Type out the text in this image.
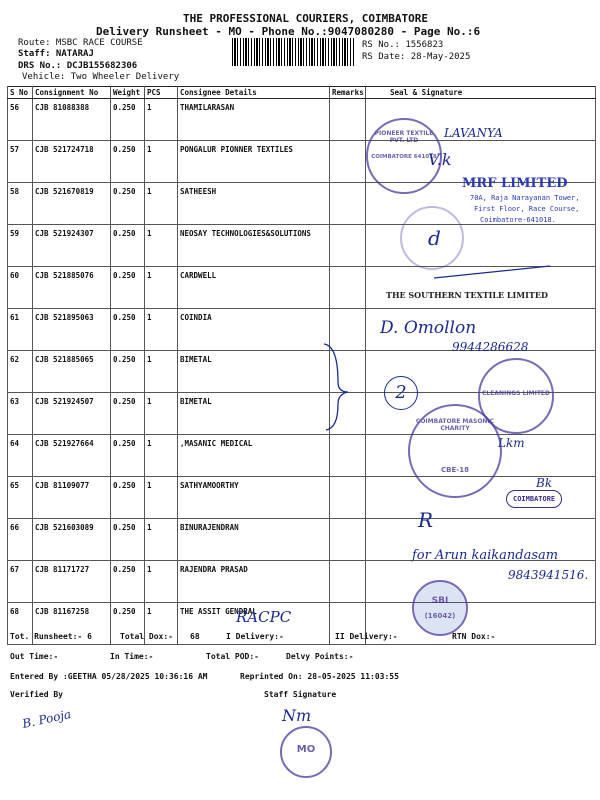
THE PROFESSIONAL COURIERS, COIMBATORE
Delivery Runsheet - MO - Phone No.:9047080280 - Page No.:6
Route: MSBC RACE COURSE
Staff: NATARAJ
DRS No.: DCJB155682306
Vehicle: Two Wheeler Delivery
RS No.: 1556823
RS Date: 28-May-2025
S No	Consignment No	Weight	PCS	Consignee Details	Remarks	Seal & Signature
56	CJB 81088388	0.250	1	THAMILARASAN		
57	CJB 521724718	0.250	1	PONGALUR PIONNER TEXTILES		
58	CJB 521670819	0.250	1	SATHEESH		
59	CJB 521924307	0.250	1	NEOSAY TECHNOLOGIES&SOLUTIONS		
60	CJB 521885076	0.250	1	CARDWELL		
61	CJB 521895063	0.250	1	COINDIA		
62	CJB 521885065	0.250	1	BIMETAL		
63	CJB 521924507	0.250	1	BIMETAL		
64	CJB 521927664	0.250	1	,MASANIC MEDICAL		
65	CJB 81109077	0.250	1	SATHYAMOORTHY		
66	CJB 521603089	0.250	1	BINURAJENDRAN		
67	CJB 81171727	0.250	1	RAJENDRA PRASAD		
68	CJB 81167258	0.250	1	THE ASSIT GENDRAL		
PIONEER TEXTILE PVT. LTD
COIMBATORE 641018
CLEANINGS LIMITED
COIMBATORE MASONIC CHARITY
CBE-18
SBI
(16042)
MO
LAVANYA
V.k
MRF LIMITED
70A, Raja Narayanan Tower,
First Floor, Race Course,
Coimbatore-641018.
d
THE SOUTHERN TEXTILE LIMITED
D. Omollon
9944286628
2
Lkm
COIMBATORE
Bk
R
for Arun kaikandasam
9843941516.
RACPC
Tot. Runsheet:- 6	Total Dox:- 68	I Delivery:-	II Delivery:-	RTN Dox:-
Out Time:-	In Time:-	Total POD:-	Delvy Points:-
Entered By :GEETHA 05/28/2025 10:36:16 AM	Reprinted On: 28-05-2025 11:03:55
Verified By	Staff Signature
B. Pooja	Nm
